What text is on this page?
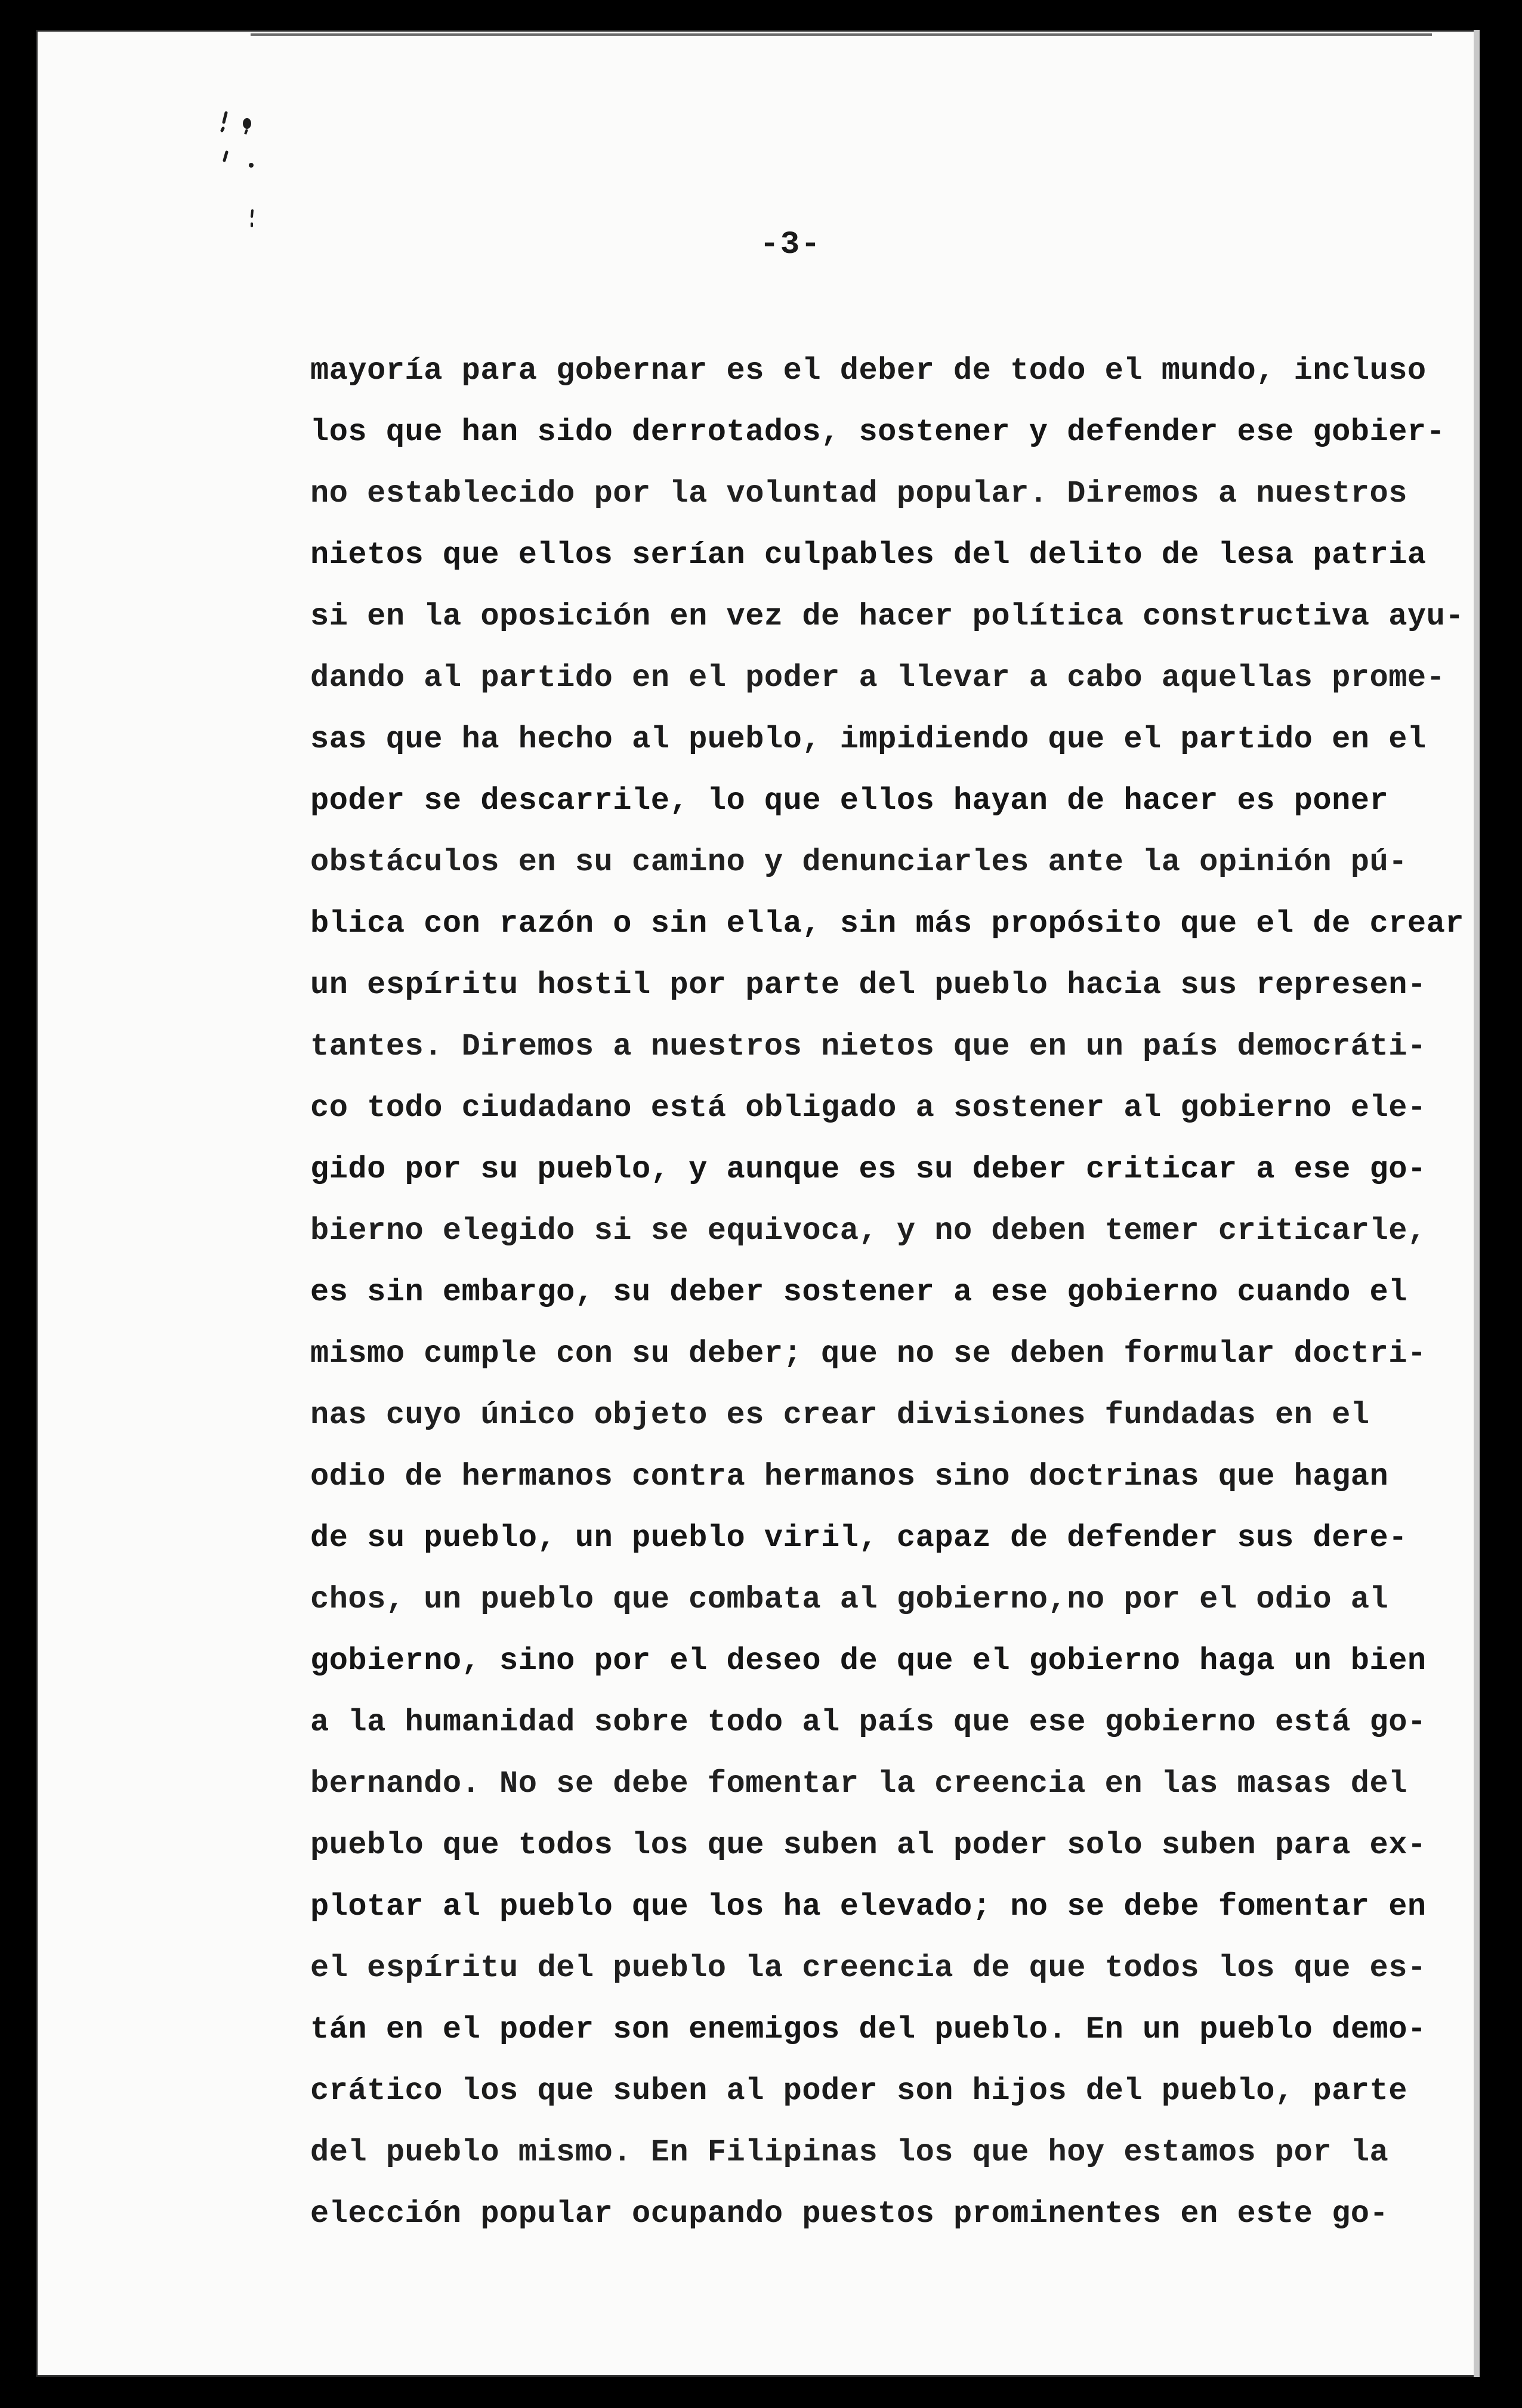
-3-
mayoría para gobernar es el deber de todo el mundo, incluso
los que han sido derrotados, sostener y defender ese gobier-
no establecido por la voluntad popular. Diremos a nuestros
nietos que ellos serían culpables del delito de lesa patria
si en la oposición en vez de hacer política constructiva ayu-
dando al partido en el poder a llevar a cabo aquellas prome-
sas que ha hecho al pueblo, impidiendo que el partido en el
poder se descarrile, lo que ellos hayan de hacer es poner
obstáculos en su camino y denunciarles ante la opinión pú-
blica con razón o sin ella, sin más propósito que el de crear
un espíritu hostil por parte del pueblo hacia sus represen-
tantes. Diremos a nuestros nietos que en un país democráti-
co todo ciudadano está obligado a sostener al gobierno ele-
gido por su pueblo, y aunque es su deber criticar a ese go-
bierno elegido si se equivoca, y no deben temer criticarle,
es sin embargo, su deber sostener a ese gobierno cuando el
mismo cumple con su deber; que no se deben formular doctri-
nas cuyo único objeto es crear divisiones fundadas en el
odio de hermanos contra hermanos sino doctrinas que hagan
de su pueblo, un pueblo viril, capaz de defender sus dere-
chos, un pueblo que combata al gobierno,no por el odio al
gobierno, sino por el deseo de que el gobierno haga un bien
a la humanidad sobre todo al país que ese gobierno está go-
bernando. No se debe fomentar la creencia en las masas del
pueblo que todos los que suben al poder solo suben para ex-
plotar al pueblo que los ha elevado; no se debe fomentar en
el espíritu del pueblo la creencia de que todos los que es-
tán en el poder son enemigos del pueblo. En un pueblo demo-
crático los que suben al poder son hijos del pueblo, parte
del pueblo mismo. En Filipinas los que hoy estamos por la
elección popular ocupando puestos prominentes en este go-
